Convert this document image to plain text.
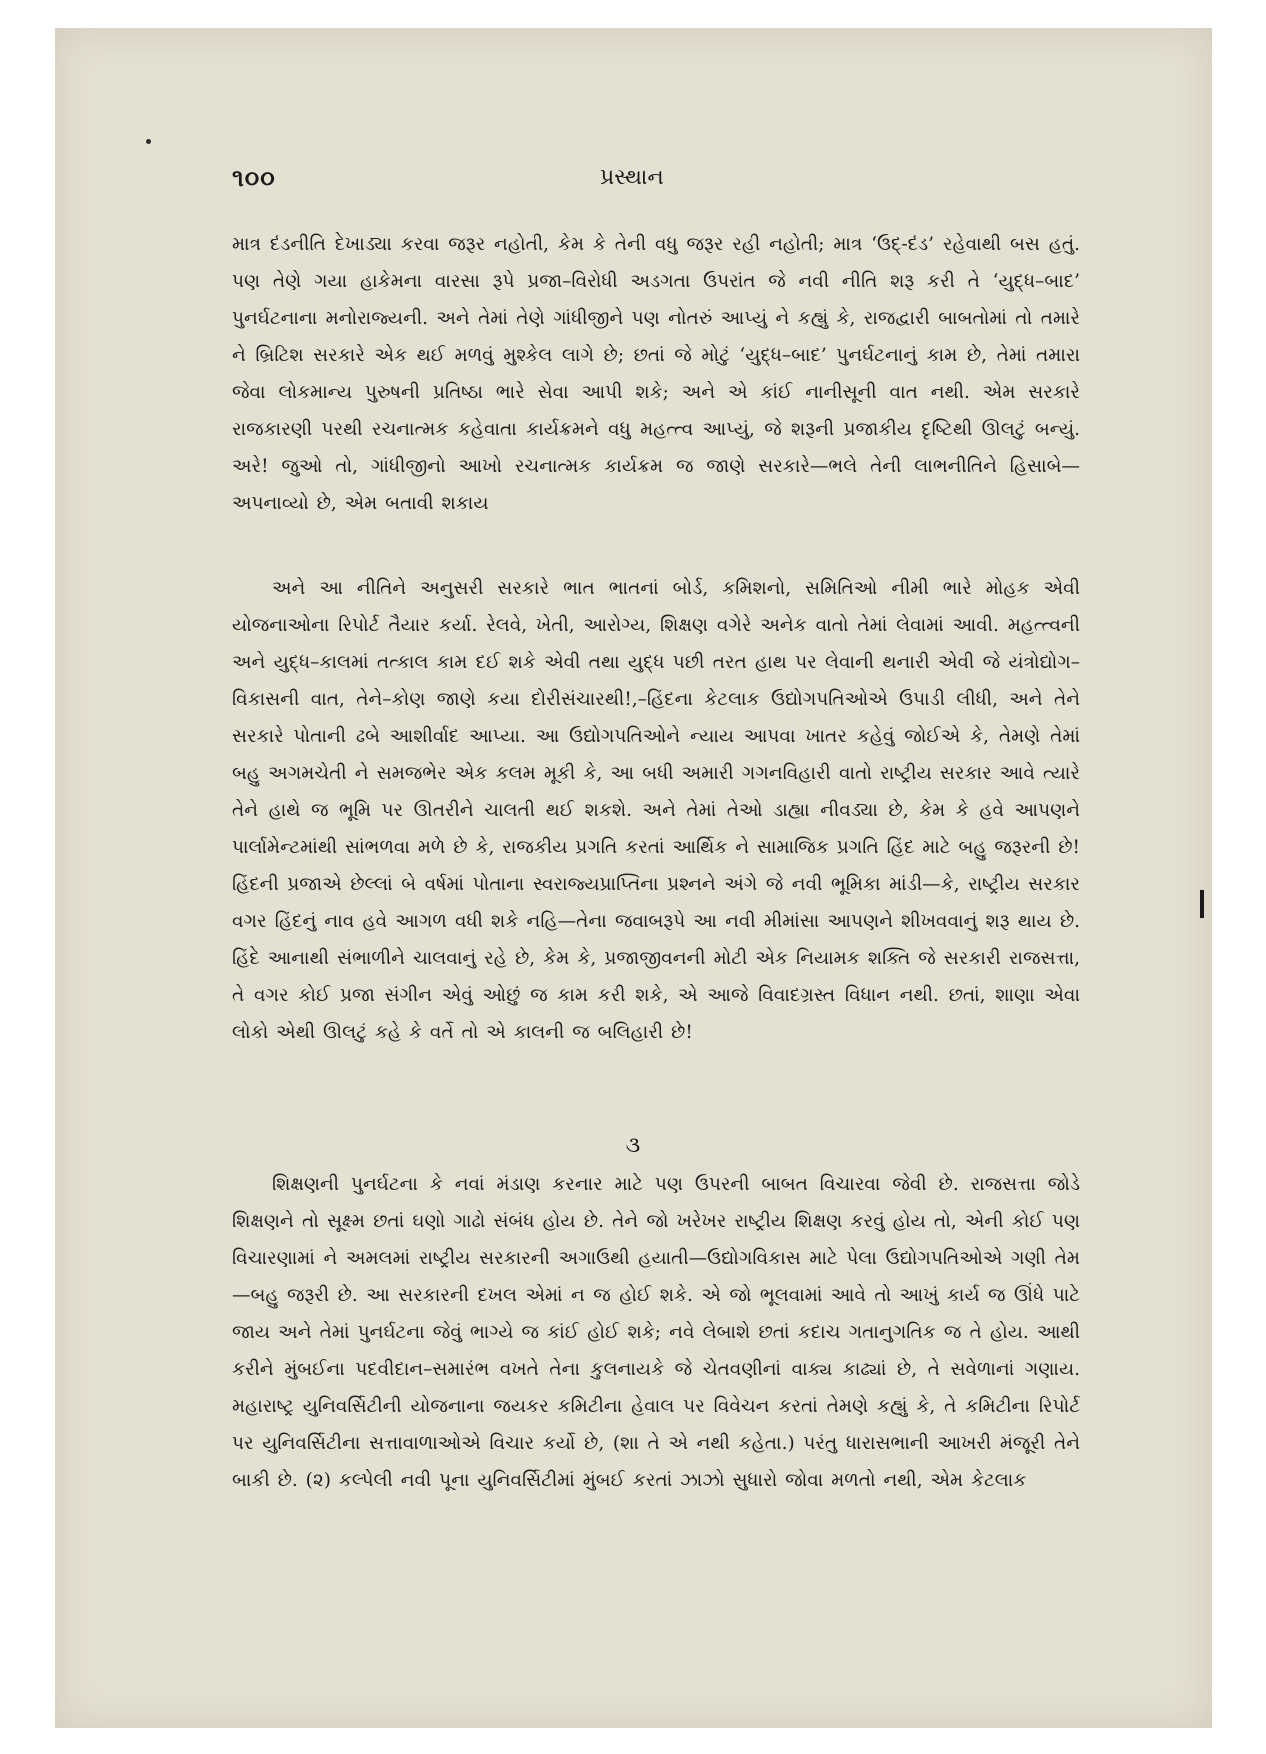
૧૦૦	પ્રસ્થાન

માત્ર દંડનીતિ દેખાડ્યા કરવા જરૂર નહોતી, કેમ કે તેની વધુ જરૂર રહી નહોતી; માત્ર ‘ઉદ્-દંડ’ રહેવાથી બસ હતું. પણ તેણે ગયા હાકેમના વારસા રૂપે પ્રજા–વિરોધી અડગતા ઉપરાંત જે નવી નીતિ શરૂ કરી તે ‘યુદ્ધ–બાદ’ પુનર્ઘટનાના મનોરાજ્યની. અને તેમાં તેણે ગાંધીજીને પણ નોતરું આપ્યું ને કહ્યું કે, રાજદ્વારી બાબતોમાં તો તમારે ને બ્રિટિશ સરકારે એક થઈ મળવું મુશ્કેલ લાગે છે; છતાં જે મોટું ‘યુદ્ધ–બાદ’ પુનર્ઘટનાનું કામ છે, તેમાં તમારા જેવા લોકમાન્ય પુરુષની પ્રતિષ્ઠા ભારે સેવા આપી શકે; અને એ કાંઈ નાનીસૂની વાત નથી. એમ સરકારે રાજકારણી પરથી રચનાત્મક કહેવાતા કાર્યક્રમને વધુ મહત્ત્વ આપ્યું, જે શરૂની પ્રજાકીય દૃષ્ટિથી ઊલટું બન્યું. અરે! જુઓ તો, ગાંધીજીનો આખો રચનાત્મક કાર્યક્રમ જ જાણે સરકારે—ભલે તેની લાભનીતિને હિસાબે—અપનાવ્યો છે, એમ બતાવી શકાય

અને આ નીતિને અનુસરી સરકારે ભાત ભાતનાં બોર્ડ, કમિશનો, સમિતિઓ નીમી ભારે મોહક એવી યોજનાઓના રિપોર્ટ તૈયાર કર્યા. રેલવે, ખેતી, આરોગ્ય, શિક્ષણ વગેરે અનેક વાતો તેમાં લેવામાં આવી. મહત્ત્વની અને યુદ્ધ–કાલમાં તત્કાલ કામ દઈ શકે એવી તથા યુદ્ધ પછી તરત હાથ પર લેવાની થનારી એવી જે યંત્રોદ્યોગ–વિકાસની વાત, તેને–કોણ જાણે કયા દોરીસંચારથી!,–હિંદના કેટલાક ઉદ્યોગપતિઓએ ઉપાડી લીધી, અને તેને સરકારે પોતાની ઢબે આશીર્વાદ આપ્યા. આ ઉદ્યોગપતિઓને ન્યાય આપવા ખાતર કહેવું જોઈએ કે, તેમણે તેમાં બહુ અગમચેતી ને સમજભેર એક કલમ મૂકી કે, આ બધી અમારી ગગનવિહારી વાતો રાષ્ટ્રીય સરકાર આવે ત્યારે તેને હાથે જ ભૂમિ પર ઊતરીને ચાલતી થઈ શકશે. અને તેમાં તેઓ ડાહ્યા નીવડ્યા છે, કેમ કે હવે આપણને પાર્લામેન્ટમાંથી સાંભળવા મળે છે કે, રાજકીય પ્રગતિ કરતાં આર્થિક ને સામાજિક પ્રગતિ હિંદ માટે બહુ જરૂરની છે! હિંદની પ્રજાએ છેલ્લાં બે વર્ષમાં પોતાના સ્વરાજ્યપ્રાપ્તિના પ્રશ્નને અંગે જે નવી ભૂમિકા માંડી—કે, રાષ્ટ્રીય સરકાર વગર હિંદનું નાવ હવે આગળ વધી શકે નહિ—તેના જવાબરૂપે આ નવી મીમાંસા આપણને શીખવવાનું શરૂ થાય છે. હિંદે આનાથી સંભાળીને ચાલવાનું રહે છે, કેમ કે, પ્રજાજીવનની મોટી એક નિયામક શક્તિ જે સરકારી રાજસત્તા, તે વગર કોઈ પ્રજા સંગીન એવું ઓછું જ કામ કરી શકે, એ આજે વિવાદગ્રસ્ત વિધાન નથી. છતાં, શાણા એવા લોકો એથી ઊલટું કહે કે વર્તે તો એ કાલની જ બલિહારી છે!

૩

શિક્ષણની પુનર્ઘટના કે નવાં મંડાણ કરનાર માટે પણ ઉપરની બાબત વિચારવા જેવી છે. રાજસત્તા જોડે શિક્ષણને તો સૂક્ષ્મ છતાં ઘણો ગાઢો સંબંધ હોય છે. તેને જો ખરેખર રાષ્ટ્રીય શિક્ષણ કરવું હોય તો, એની કોઈ પણ વિચારણામાં ને અમલમાં રાષ્ટ્રીય સરકારની અગાઉથી હયાતી—ઉદ્યોગવિકાસ માટે પેલા ઉદ્યોગપતિઓએ ગણી તેમ—બહુ જરૂરી છે. આ સરકારની દખલ એમાં ન જ હોઈ શકે. એ જો ભૂલવામાં આવે તો આખું કાર્ય જ ઊંધે પાટે જાય અને તેમાં પુનર્ઘટના જેવું ભાગ્યે જ કાંઈ હોઈ શકે; નવે લેબાશે છતાં કદાચ ગતાનુગતિક જ તે હોય. આથી કરીને મુંબઈના પદવીદાન–સમારંભ વખતે તેના કુલનાયકે જે ચેતવણીનાં વાક્ય કાઢ્યાં છે, તે સવેળાનાં ગણાય. મહારાષ્ટ્ર યુનિવર્સિટીની યોજનાના જયકર કમિટીના હેવાલ પર વિવેચન કરતાં તેમણે કહ્યું કે, તે કમિટીના રિપોર્ટ પર યુનિવર્સિટીના સત્તાવાળાઓએ વિચાર કર્યો છે, (શા તે એ નથી કહેતા.) પરંતુ ધારાસભાની આખરી મંજૂરી તેને બાકી છે. (૨) કલ્પેલી નવી પૂના યુનિવર્સિટીમાં મુંબઈ કરતાં ઝાઝો સુધારો જોવા મળતો નથી, એમ કેટલાક
